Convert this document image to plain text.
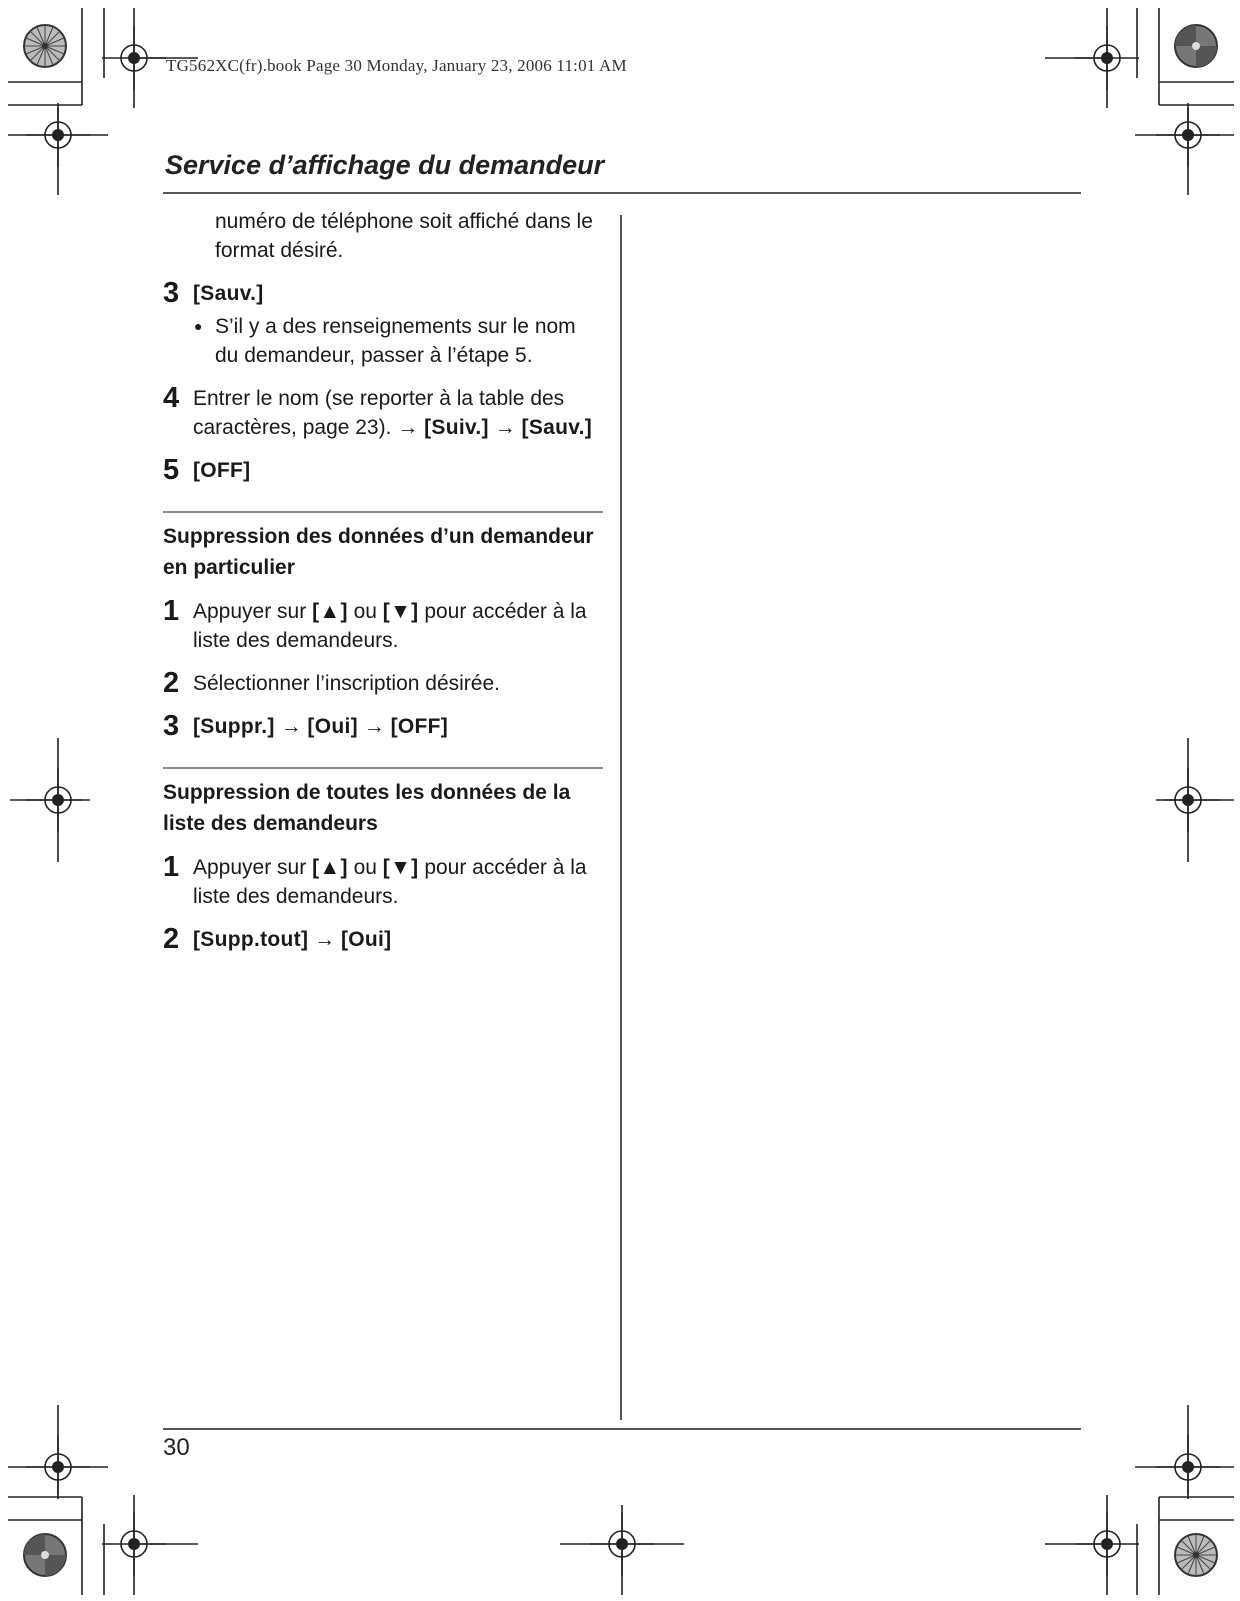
TG562XC(fr).book Page 30 Monday, January 23, 2006 11:01 AM
Service d’affichage du demandeur
numéro de téléphone soit affiché dans le format désiré.
3 [Sauv.]
● S’il y a des renseignements sur le nom du demandeur, passer à l’étape 5.
4 Entrer le nom (se reporter à la table des caractères, page 23). → [Suiv.] → [Sauv.]
5 [OFF]
Suppression des données d’un demandeur en particulier
1 Appuyer sur [▲] ou [▼] pour accéder à la liste des demandeurs.
2 Sélectionner l’inscription désirée.
3 [Suppr.] → [Oui] → [OFF]
Suppression de toutes les données de la liste des demandeurs
1 Appuyer sur [▲] ou [▼] pour accéder à la liste des demandeurs.
2 [Supp.tout] → [Oui]
30
